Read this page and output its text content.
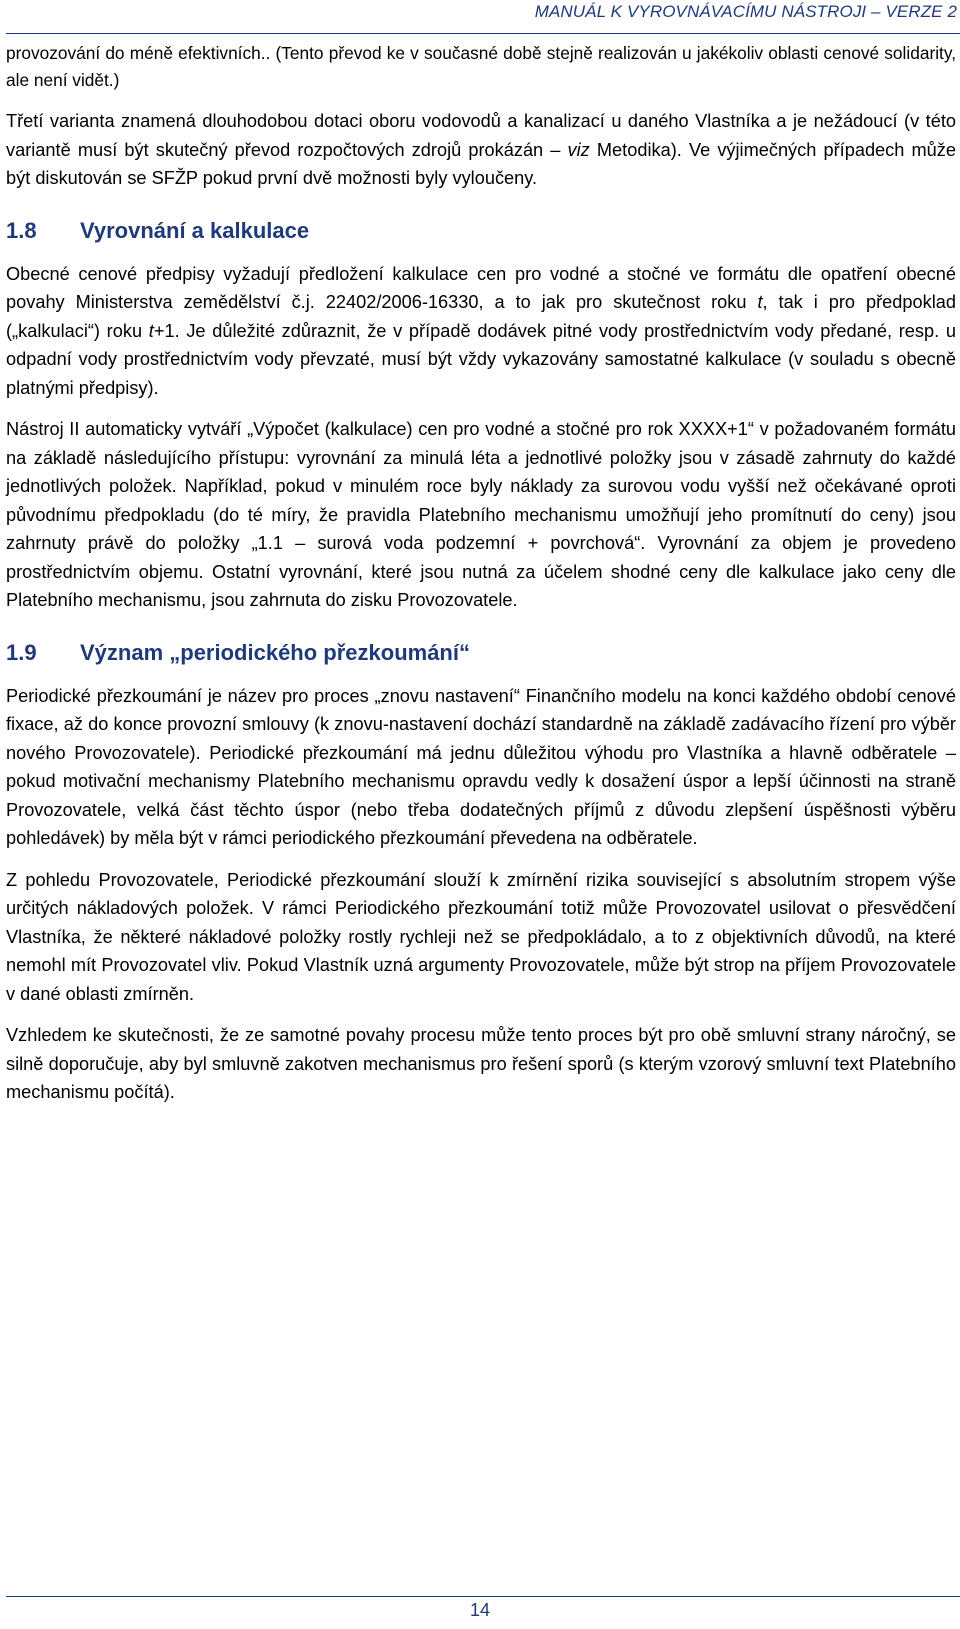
MANUÁL K VYROVNÁVACÍMU NÁSTROJI – VERZE 2

provozování do méně efektivních.. (Tento převod ke v současné době stejně realizován u jakékoliv oblasti cenové solidarity, ale není vidět.)

Třetí varianta znamená dlouhodobou dotaci oboru vodovodů a kanalizací u daného Vlastníka a je nežádoucí (v této variantě musí být skutečný převod rozpočtových zdrojů prokázán – viz Metodika). Ve výjimečných případech může být diskutován se SFŽP pokud první dvě možnosti byly vyloučeny.

1.8 Vyrovnání a kalkulace

Obecné cenové předpisy vyžadují předložení kalkulace cen pro vodné a stočné ve formátu dle opatření obecné povahy Ministerstva zemědělství č.j. 22402/2006-16330, a to jak pro skutečnost roku t, tak i pro předpoklad („kalkulaci“) roku t+1. Je důležité zdůraznit, že v případě dodávek pitné vody prostřednictvím vody předané, resp. u odpadní vody prostřednictvím vody převzaté, musí být vždy vykazovány samostatné kalkulace (v souladu s obecně platnými předpisy).

Nástroj II automaticky vytváří „Výpočet (kalkulace) cen pro vodné a stočné pro rok XXXX+1“ v požadovaném formátu na základě následujícího přístupu: vyrovnání za minulá léta a jednotlivé položky jsou v zásadě zahrnuty do každé jednotlivých položek. Například, pokud v minulém roce byly náklady za surovou vodu vyšší než očekávané oproti původnímu předpokladu (do té míry, že pravidla Platebního mechanismu umožňují jeho promítnutí do ceny) jsou zahrnuty právě do položky „1.1 – surová voda podzemní + povrchová“. Vyrovnání za objem je provedeno prostřednictvím objemu. Ostatní vyrovnání, které jsou nutná za účelem shodné ceny dle kalkulace jako ceny dle Platebního mechanismu, jsou zahrnuta do zisku Provozovatele.

1.9 Význam „periodického přezkoumání“

Periodické přezkoumání je název pro proces „znovu nastavení“ Finančního modelu na konci každého období cenové fixace, až do konce provozní smlouvy (k znovu-nastavení dochází standardně na základě zadávacího řízení pro výběr nového Provozovatele). Periodické přezkoumání má jednu důležitou výhodu pro Vlastníka a hlavně odběratele – pokud motivační mechanismy Platebního mechanismu opravdu vedly k dosažení úspor a lepší účinnosti na straně Provozovatele, velká část těchto úspor (nebo třeba dodatečných příjmů z důvodu zlepšení úspěšnosti výběru pohledávek) by měla být v rámci periodického přezkoumání převedena na odběratele.

Z pohledu Provozovatele, Periodické přezkoumání slouží k zmírnění rizika související s absolutním stropem výše určitých nákladových položek. V rámci Periodického přezkoumání totiž může Provozovatel usilovat o přesvědčení Vlastníka, že některé nákladové položky rostly rychleji než se předpokládalo, a to z objektivních důvodů, na které nemohl mít Provozovatel vliv. Pokud Vlastník uzná argumenty Provozovatele, může být strop na příjem Provozovatele v dané oblasti zmírněn.

Vzhledem ke skutečnosti, že ze samotné povahy procesu může tento proces být pro obě smluvní strany náročný, se silně doporučuje, aby byl smluvně zakotven mechanismus pro řešení sporů (s kterým vzorový smluvní text Platebního mechanismu počítá).

14
